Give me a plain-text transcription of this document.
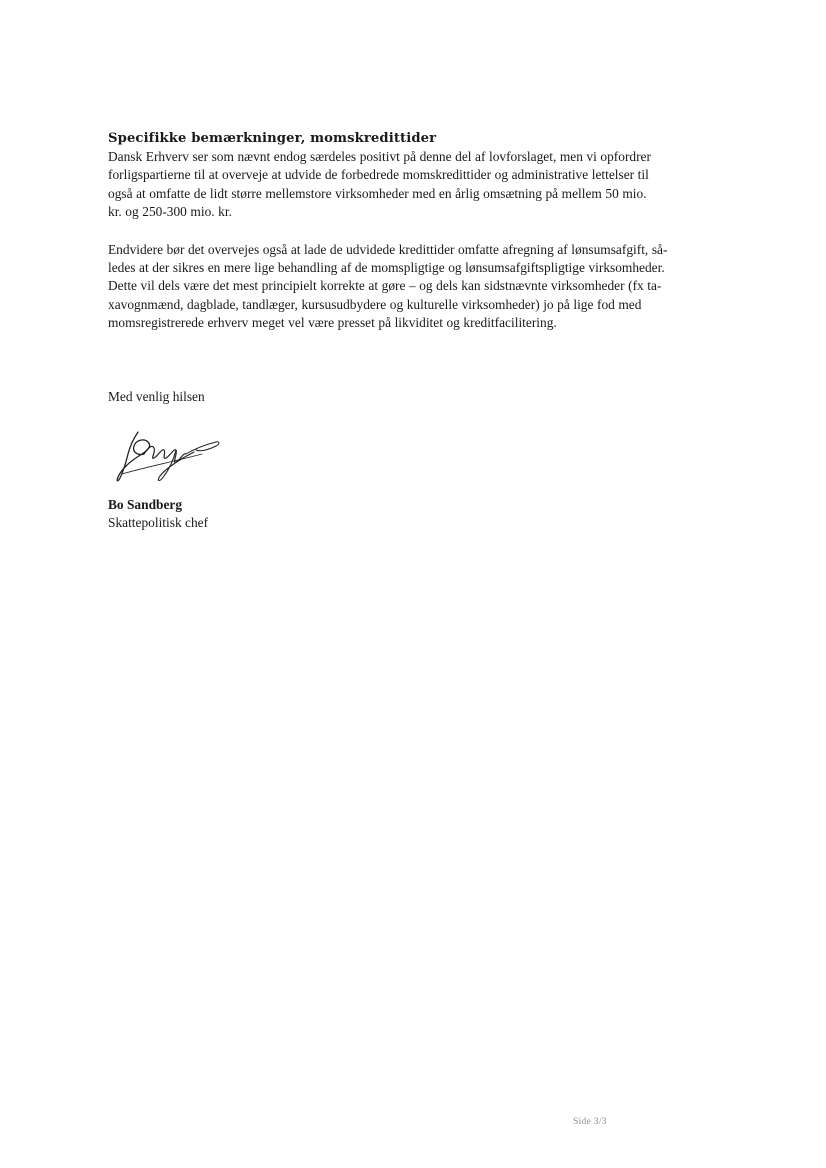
Specifikke bemærkninger, momskredittider

Dansk Erhverv ser som nævnt endog særdeles positivt på denne del af lovforslaget, men vi opfordrer
forligspartierne til at overveje at udvide de forbedrede momskredittider og administrative lettelser til
også at omfatte de lidt større mellemstore virksomheder med en årlig omsætning på mellem 50 mio.
kr. og 250-300 mio. kr.

Endvidere bør det overvejes også at lade de udvidede kredittider omfatte afregning af lønsumsafgift, så-
ledes at der sikres en mere lige behandling af de momspligtige og lønsumsafgiftspligtige virksomheder.
Dette vil dels være det mest principielt korrekte at gøre – og dels kan sidstnævnte virksomheder (fx ta-
xavognmænd, dagblade, tandlæger, kursusudbydere og kulturelle virksomheder) jo på lige fod med
momsregistrerede erhverv meget vel være presset på likviditet og kreditfacilitering.

Med venlig hilsen

Bo Sandberg

Skattepolitisk chef

Side 3/3
